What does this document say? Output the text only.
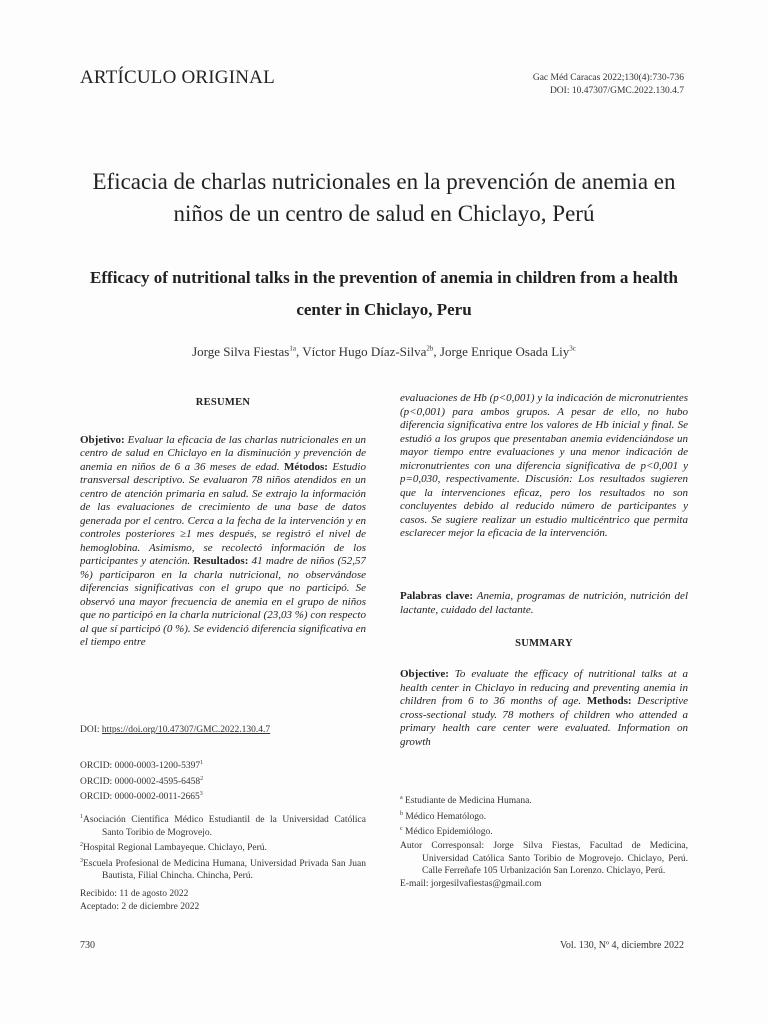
ARTÍCULO ORIGINAL	Gac Méd Caracas 2022;130(4):730-736
DOI: 10.47307/GMC.2022.130.4.7
Eficacia de charlas nutricionales en la prevención de anemia en niños de un centro de salud en Chiclayo, Perú
Efficacy of nutritional talks in the prevention of anemia in children from a health center in Chiclayo, Peru
Jorge Silva Fiestas$^{1a}$, Víctor Hugo Díaz-Silva$^{2b}$, Jorge Enrique Osada Liy$^{3c}$
RESUMEN
Objetivo: Evaluar la eficacia de las charlas nutricionales en un centro de salud en Chiclayo en la disminución y prevención de anemia en niños de 6 a 36 meses de edad. Métodos: Estudio transversal descriptivo. Se evaluaron 78 niños atendidos en un centro de atención primaria en salud. Se extrajo la información de las evaluaciones de crecimiento de una base de datos generada por el centro. Cerca a la fecha de la intervención y en controles posteriores ≥1 mes después, se registró el nivel de hemoglobina. Asimismo, se recolectó información de los participantes y atención. Resultados: 41 madre de niños (52,57 %) participaron en la charla nutricional, no observándose diferencias significativas con el grupo que no participó. Se observó una mayor frecuencia de anemia en el grupo de niños que no participó en la charla nutricional (23,03 %) con respecto al que sí participó (0 %). Se evidenció diferencia significativa en el tiempo entre
DOI: https://doi.org/10.47307/GMC.2022.130.4.7
ORCID: 0000-0003-1200-5397$^1$
ORCID: 0000-0002-4595-6458$^2$
ORCID: 0000-0002-0011-2665$^3$
$^1$Asociación Científica Médico Estudiantil de la Universidad Católica Santo Toribio de Mogrovejo.
$^2$Hospital Regional Lambayeque. Chiclayo, Perú.
$^3$Escuela Profesional de Medicina Humana, Universidad Privada San Juan Bautista, Filial Chincha. Chincha, Perú.
Recibido: 11 de agosto 2022
Aceptado: 2 de diciembre 2022
evaluaciones de Hb (p<0,001) y la indicación de micronutrientes (p<0,001) para ambos grupos. A pesar de ello, no hubo diferencia significativa entre los valores de Hb inicial y final. Se estudió a los grupos que presentaban anemia evidenciándose un mayor tiempo entre evaluaciones y una menor indicación de micronutrientes con una diferencia significativa de p<0,001 y p=0,030, respectivamente. Discusión: Los resultados sugieren que la intervenciones eficaz, pero los resultados no son concluyentes debido al reducido número de participantes y casos. Se sugiere realizar un estudio multicéntrico que permita esclarecer mejor la eficacia de la intervención.
Palabras clave: Anemia, programas de nutrición, nutrición del lactante, cuidado del lactante.
SUMMARY
Objective: To evaluate the efficacy of nutritional talks at a health center in Chiclayo in reducing and preventing anemia in children from 6 to 36 months of age. Methods: Descriptive cross-sectional study. 78 mothers of children who attended a primary health care center were evaluated. Information on growth
$^a$ Estudiante de Medicina Humana.
$^b$ Médico Hematólogo.
$^c$ Médico Epidemiólogo.
Autor Corresponsal: Jorge Silva Fiestas, Facultad de Medicina, Universidad Católica Santo Toribio de Mogrovejo. Chiclayo, Perú. Calle Ferreñafe 105 Urbanización San Lorenzo. Chiclayo, Perú.
E-mail: jorgesilvafiestas@gmail.com
730	Vol. 130, Nº 4, diciembre 2022
